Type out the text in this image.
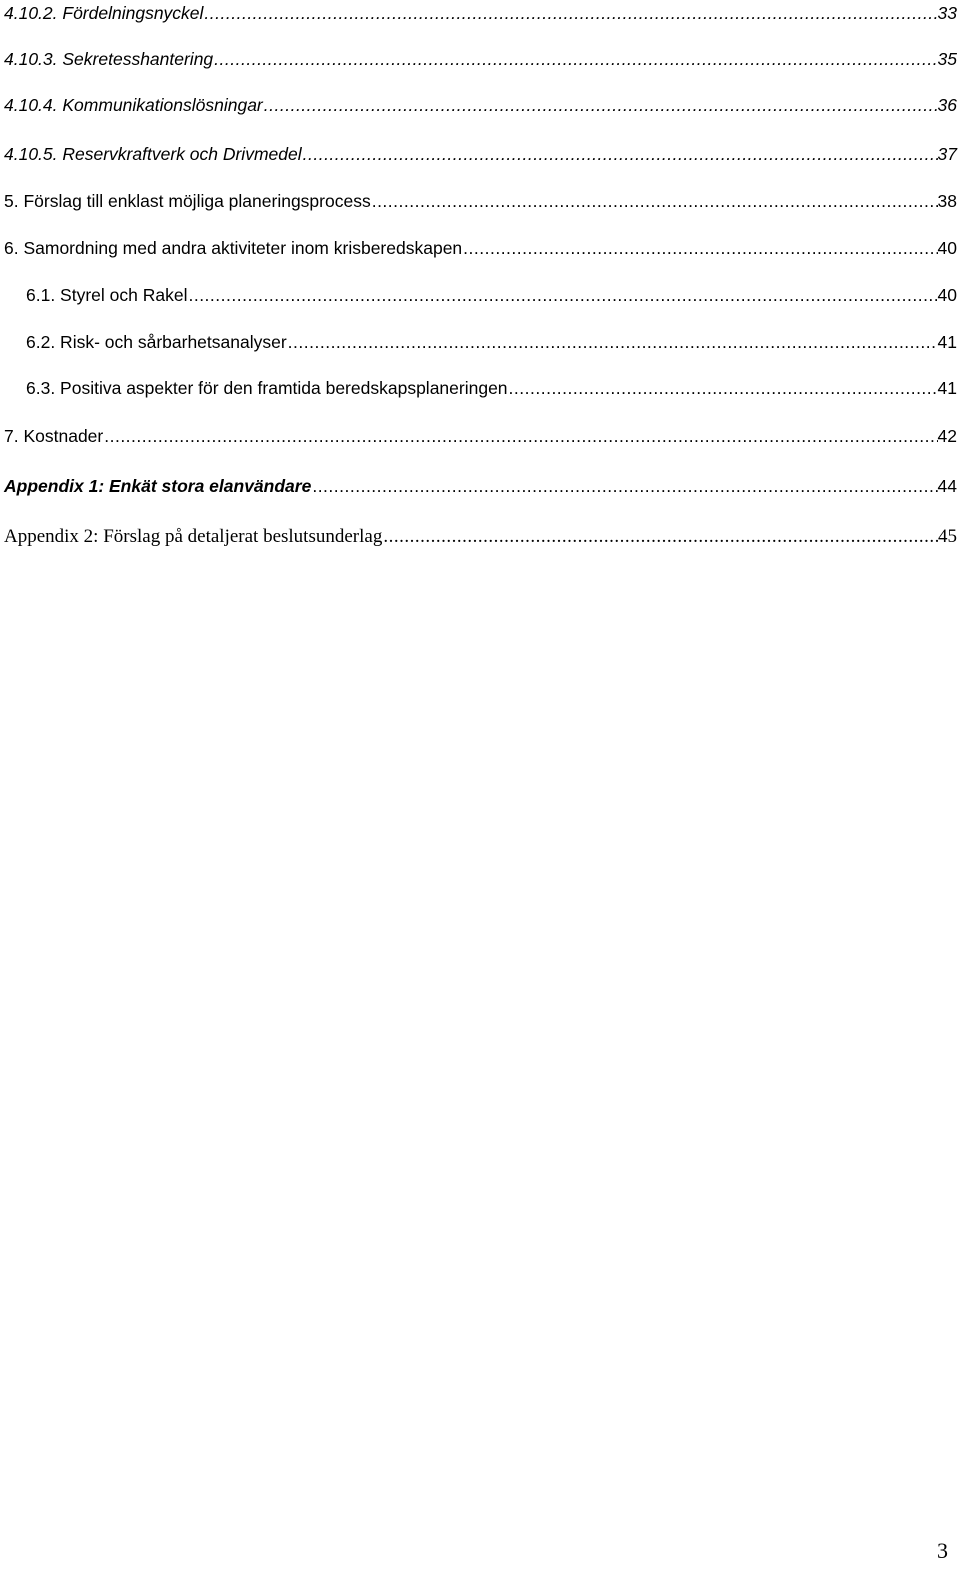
4.10.2. Fördelningsnyckel .....	33
4.10.3. Sekretesshantering .....	35
4.10.4. Kommunikationslösningar .....	36
4.10.5. Reservkraftverk och Drivmedel .....	37
5. Förslag till enklast möjliga planeringsprocess .....	38
6. Samordning med andra aktiviteter inom krisberedskapen .....	40
6.1. Styrel och Rakel .....	40
6.2. Risk- och sårbarhetsanalyser .....	41
6.3. Positiva aspekter för den framtida beredskapsplaneringen .....	41
7. Kostnader .....	42
Appendix 1: Enkät stora elanvändare .....	44
Appendix 2: Förslag på detaljerat beslutsunderlag .....	45
3
